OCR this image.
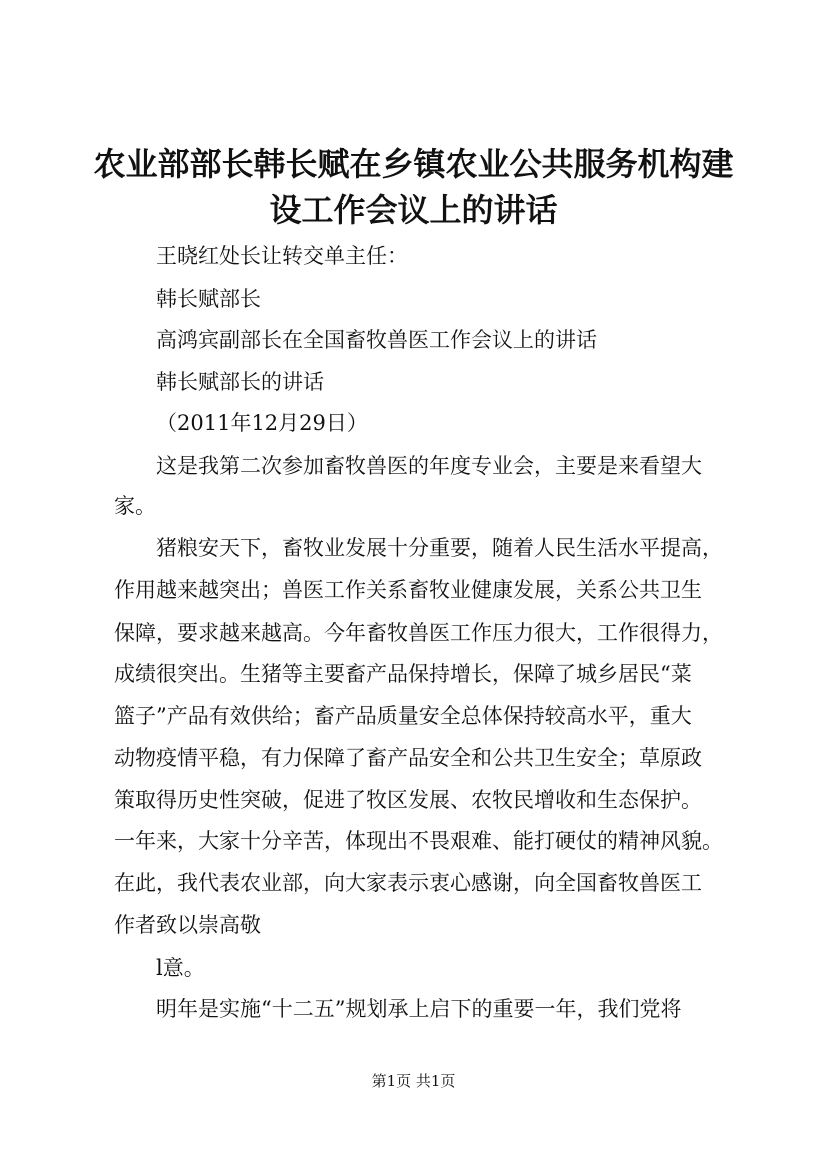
农业部部长韩长赋在乡镇农业公共服务机构建
设工作会议上的讲话
王晓红处长让转交单主任：
韩长赋部长
高鸿宾副部长在全国畜牧兽医工作会议上的讲话
韩长赋部长的讲话
（2011年12月29日）
这是我第二次参加畜牧兽医的年度专业会，主要是来看望大
家。
猪粮安天下，畜牧业发展十分重要，随着人民生活水平提高，
作用越来越突出；兽医工作关系畜牧业健康发展，关系公共卫生
保障，要求越来越高。今年畜牧兽医工作压力很大，工作很得力，
成绩很突出。生猪等主要畜产品保持增长，保障了城乡居民“菜
篮子”产品有效供给；畜产品质量安全总体保持较高水平，重大
动物疫情平稳，有力保障了畜产品安全和公共卫生安全；草原政
策取得历史性突破，促进了牧区发展、农牧民增收和生态保护。
一年来，大家十分辛苦，体现出不畏艰难、能打硬仗的精神风貌。
在此，我代表农业部，向大家表示衷心感谢，向全国畜牧兽医工
作者致以崇高敬
l意。
明年是实施“十二五”规划承上启下的重要一年，我们党将
第1页 共1页
